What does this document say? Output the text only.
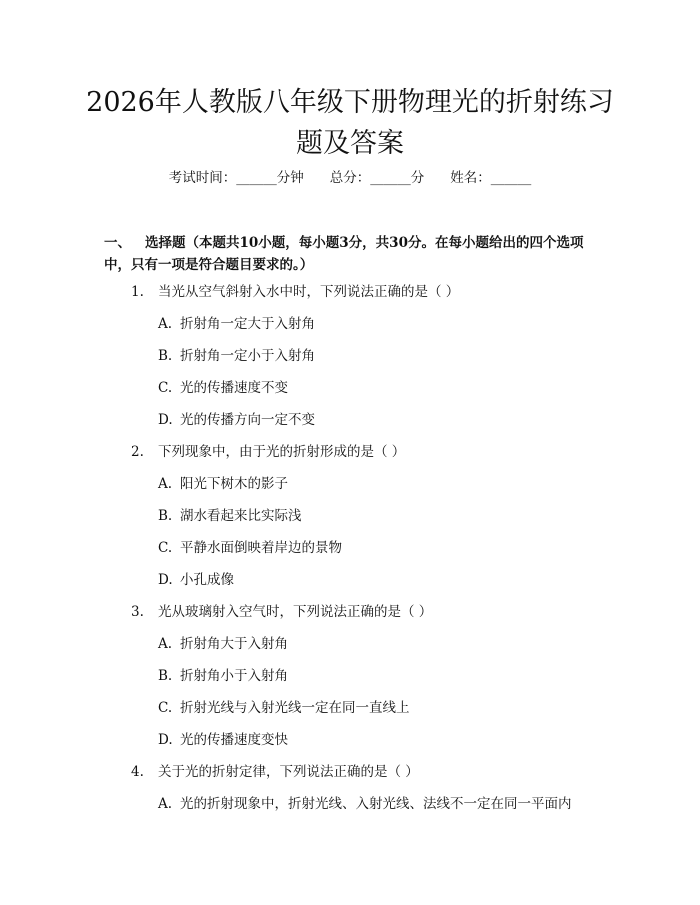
2026年人教版八年级下册物理光的折射练习题及答案
考试时间：______分钟 总分：______分 姓名：______
一、 选择题（本题共10小题，每小题3分，共30分。在每小题给出的四个选项中，只有一项是符合题目要求的。）
1. 当光从空气斜射入水中时，下列说法正确的是（ ）
A. 折射角一定大于入射角
B. 折射角一定小于入射角
C. 光的传播速度不变
D. 光的传播方向一定不变
2. 下列现象中，由于光的折射形成的是（ ）
A. 阳光下树木的影子
B. 湖水看起来比实际浅
C. 平静水面倒映着岸边的景物
D. 小孔成像
3. 光从玻璃射入空气时，下列说法正确的是（ ）
A. 折射角大于入射角
B. 折射角小于入射角
C. 折射光线与入射光线一定在同一直线上
D. 光的传播速度变快
4. 关于光的折射定律，下列说法正确的是（ ）
A. 光的折射现象中，折射光线、入射光线、法线不一定在同一平面内
